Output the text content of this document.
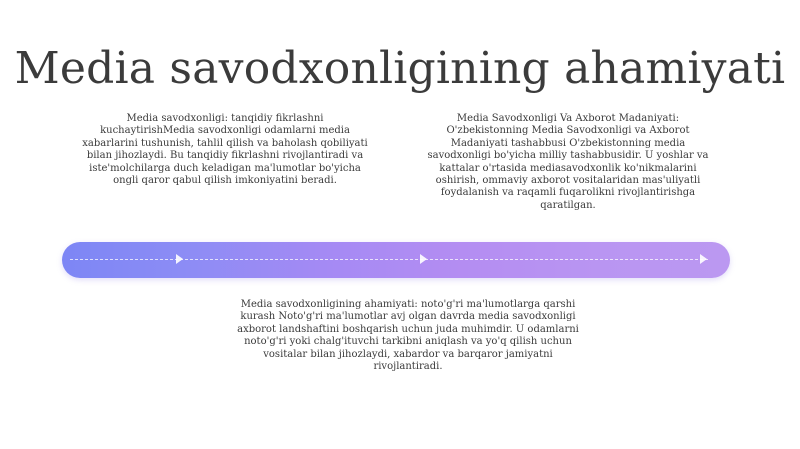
Media savodxonligining ahamiyati
Media savodxonligi: tanqidiy fikrlashni kuchaytirishMedia savodxonligi odamlarni media xabarlarini tushunish, tahlil qilish va baholash qobiliyati bilan jihozlaydi. Bu tanqidiy fikrlashni rivojlantiradi va iste'molchilarga duch keladigan ma'lumotlar bo'yicha ongli qaror qabul qilish imkoniyatini beradi.
Media Savodxonligi Va Axborot Madaniyati: O'zbekistonning Media Savodxonligi va Axborot Madaniyati tashabbusi O'zbekistonning media savodxonligi bo'yicha milliy tashabbusidir. U yoshlar va kattalar o'rtasida mediasavodxonlik ko'nikmalarini oshirish, ommaviy axborot vositalaridan mas'uliyatli foydalanish va raqamli fuqarolikni rivojlantirishga qaratilgan.
Media savodxonligining ahamiyati: noto'g'ri ma'lumotlarga qarshi kurash Noto'g'ri ma'lumotlar avj olgan davrda media savodxonligi axborot landshaftini boshqarish uchun juda muhimdir. U odamlarni noto'g'ri yoki chalg'ituvchi tarkibni aniqlash va yo'q qilish uchun vositalar bilan jihozlaydi, xabardor va barqaror jamiyatni rivojlantiradi.
